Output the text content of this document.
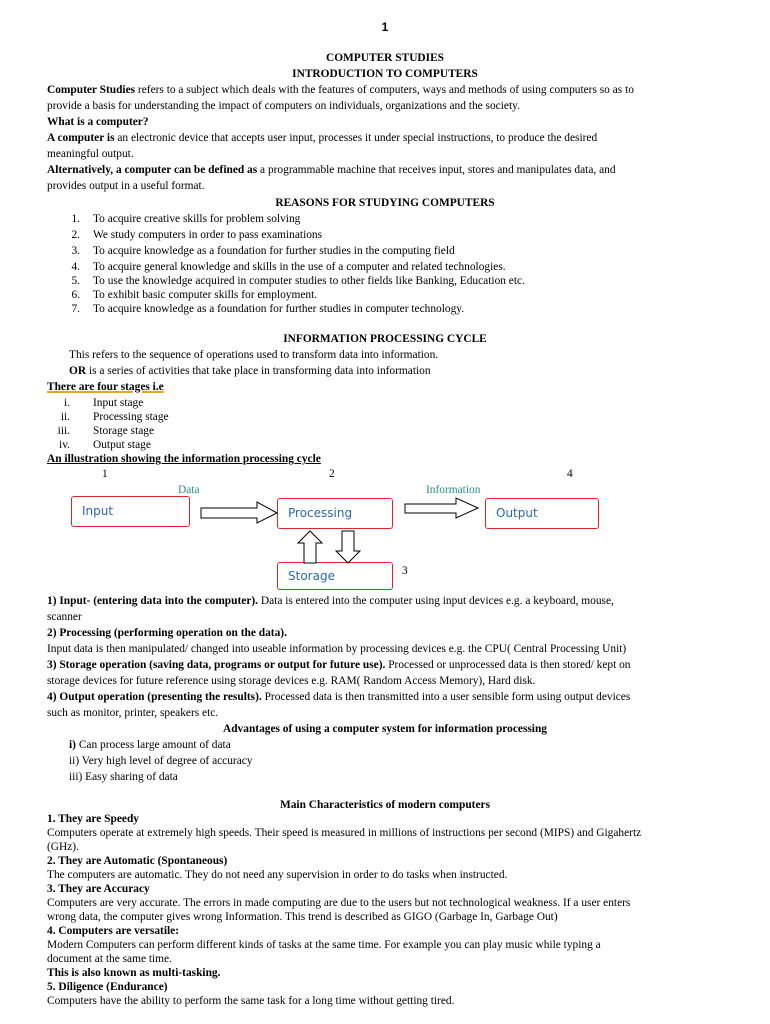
1
COMPUTER STUDIES
INTRODUCTION TO COMPUTERS
Computer Studies refers to a subject which deals with the features of computers, ways and methods of using computers so as to
provide a basis for understanding the impact of computers on individuals, organizations and the society.
What is a computer?
A computer is an electronic device that accepts user input, processes it under special instructions, to produce the desired
meaningful output.
Alternatively, a computer can be defined as a programmable machine that receives input, stores and manipulates data, and
provides output in a useful format.
REASONS FOR STUDYING COMPUTERS
1. To acquire creative skills for problem solving
2. We study computers in order to pass examinations
3. To acquire knowledge as a foundation for further studies in the computing field
4. To acquire general knowledge and skills in the use of a computer and related technologies.
5. To use the knowledge acquired in computer studies to other fields like Banking, Education etc.
6. To exhibit basic computer skills for employment.
7. To acquire knowledge as a foundation for further studies in computer technology.
INFORMATION PROCESSING CYCLE
This refers to the sequence of operations used to transform data into information.
OR is a series of activities that take place in transforming data into information
There are four stages i.e
i. Input stage
ii. Processing stage
iii. Storage stage
iv. Output stage
An illustration showing the information processing cycle
1	2	4
3
Data	Information
Input	Processing	Output
Storage
1) Input- (entering data into the computer). Data is entered into the computer using input devices e.g. a keyboard, mouse,
scanner
2) Processing (performing operation on the data).
Input data is then manipulated/ changed into useable information by processing devices e.g. the CPU( Central Processing Unit)
3) Storage operation (saving data, programs or output for future use). Processed or unprocessed data is then stored/ kept on
storage devices for future reference using storage devices e.g. RAM( Random Access Memory), Hard disk.
4) Output operation (presenting the results). Processed data is then transmitted into a user sensible form using output devices
such as monitor, printer, speakers etc.
Advantages of using a computer system for information processing
i) Can process large amount of data
ii) Very high level of degree of accuracy
iii) Easy sharing of data
Main Characteristics of modern computers
1. They are Speedy
Computers operate at extremely high speeds. Their speed is measured in millions of instructions per second (MIPS) and Gigahertz
(GHz).
2. They are Automatic (Spontaneous)
The computers are automatic. They do not need any supervision in order to do tasks when instructed.
3. They are Accuracy
Computers are very accurate. The errors in made computing are due to the users but not technological weakness. If a user enters
wrong data, the computer gives wrong Information. This trend is described as GIGO (Garbage In, Garbage Out)
4. Computers are versatile:
Modern Computers can perform different kinds of tasks at the same time. For example you can play music while typing a
document at the same time.
This is also known as multi-tasking.
5. Diligence (Endurance)
Computers have the ability to perform the same task for a long time without getting tired.
